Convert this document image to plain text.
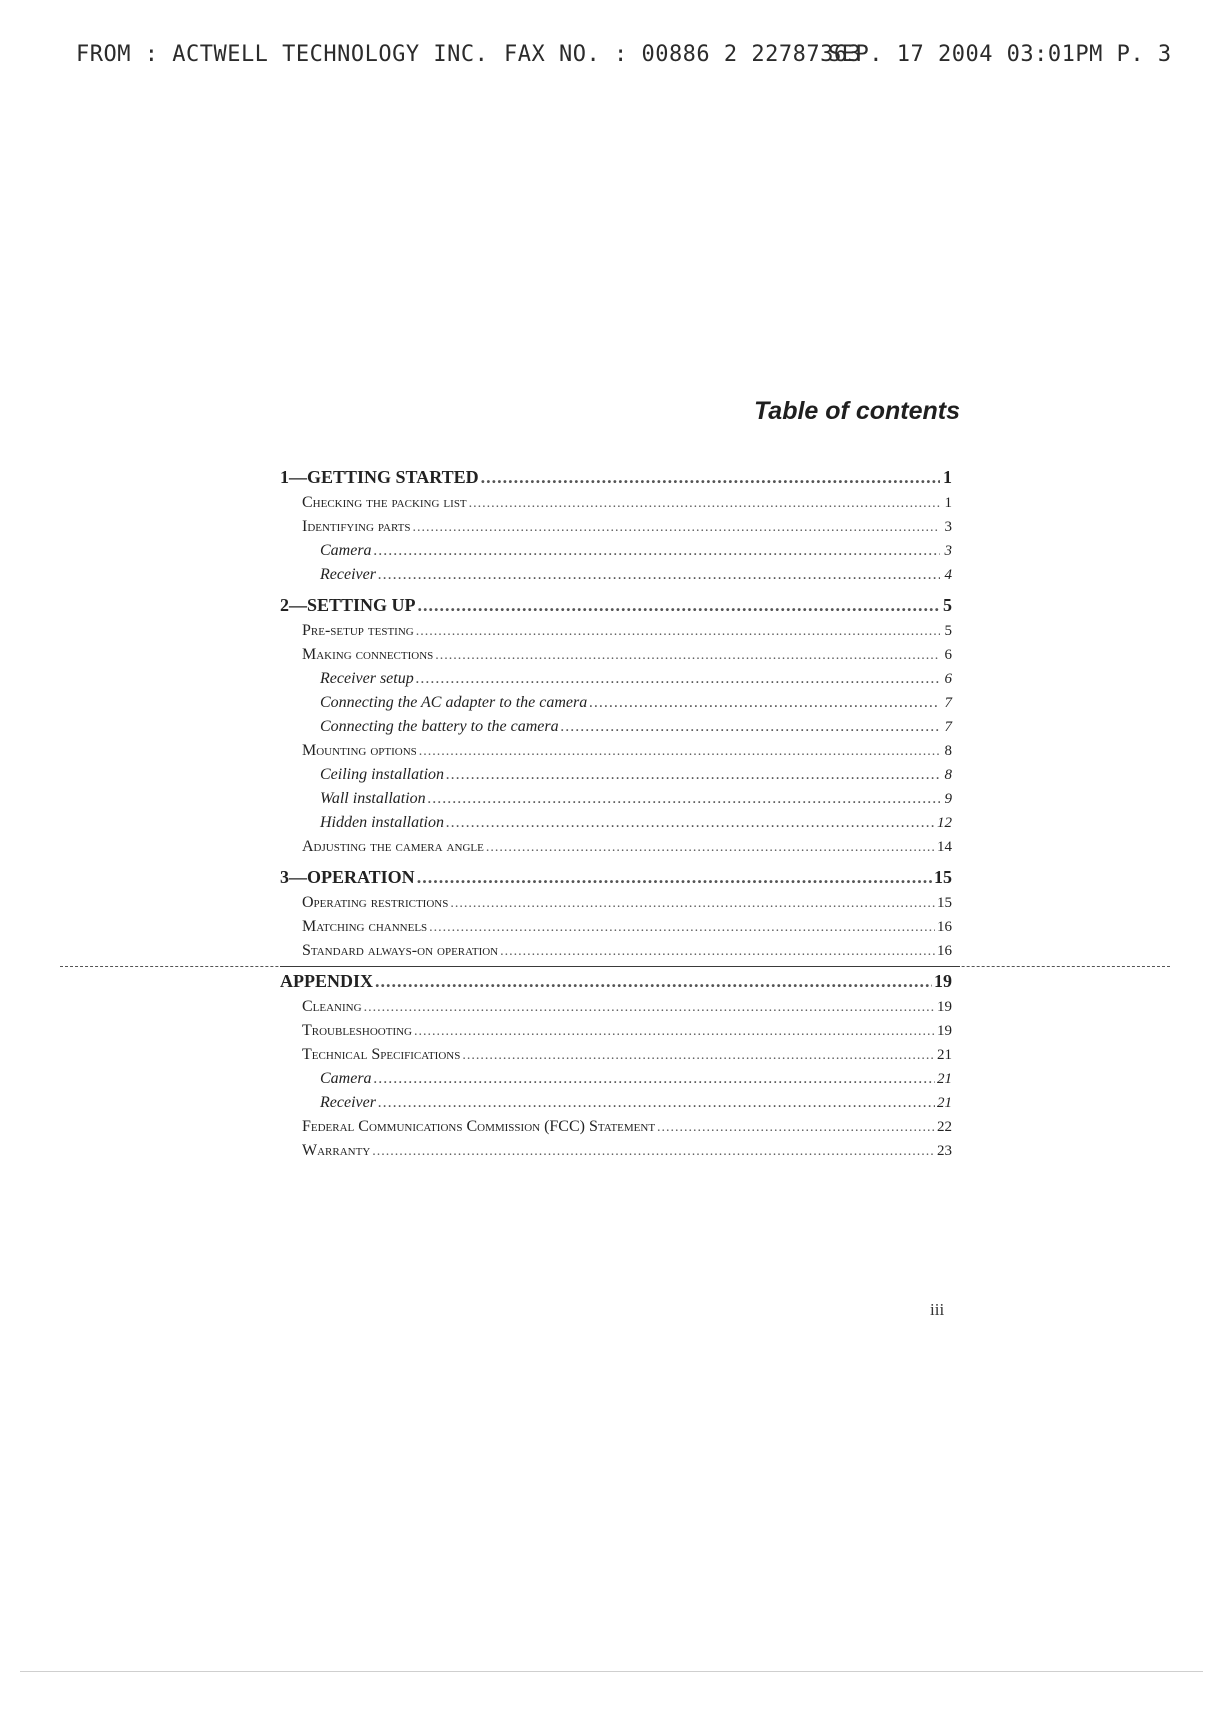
FROM : ACTWELL TECHNOLOGY INC. FAX NO. : 00886 2 22787363
SEP. 17 2004 03:01PM P. 3
Table of contents
1—GETTING STARTED .....	1
Checking the packing list .....	1
Identifying parts .....	3
Camera .....	3
Receiver .....	4
2—SETTING UP .....	5
Pre-setup testing .....	5
Making connections .....	6
Receiver setup .....	6
Connecting the AC adapter to the camera .....	7
Connecting the battery to the camera .....	7
Mounting options .....	8
Ceiling installation .....	8
Wall installation .....	9
Hidden installation .....	12
Adjusting the camera angle .....	14
3—OPERATION .....	15
Operating restrictions .....	15
Matching channels .....	16
Standard always-on operation .....	16
APPENDIX .....	19
Cleaning .....	19
Troubleshooting .....	19
Technical Specifications .....	21
Camera .....	21
Receiver .....	21
Federal Communications Commission (FCC) Statement .....	22
Warranty .....	23
iii
